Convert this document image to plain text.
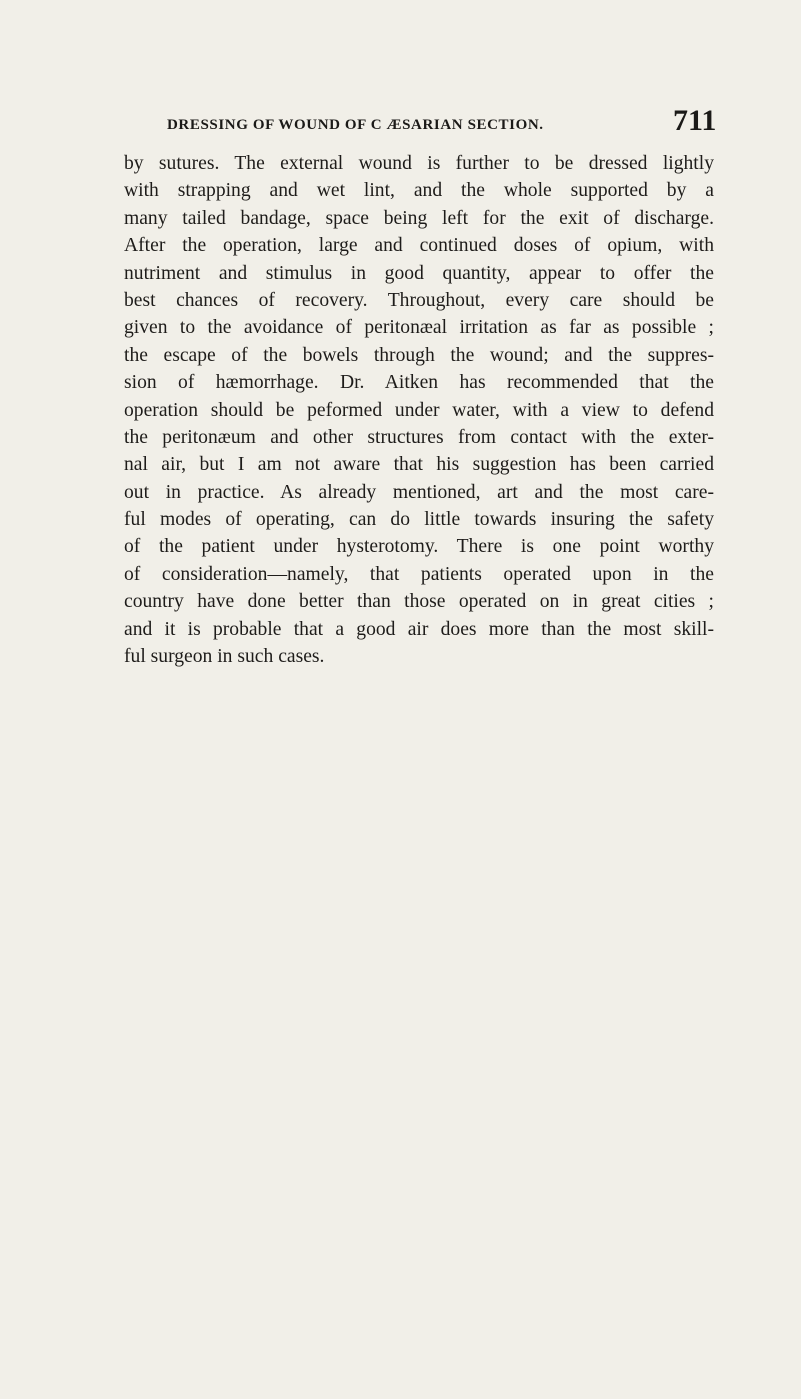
DRESSING OF WOUND OF C ÆSARIAN SECTION.	711
by sutures. The external wound is further to be dressed lightly
with strapping and wet lint, and the whole supported by a
many tailed bandage, space being left for the exit of discharge.
After the operation, large and continued doses of opium, with
nutriment and stimulus in good quantity, appear to offer the
best chances of recovery. Throughout, every care should be
given to the avoidance of peritonæal irritation as far as possible ;
the escape of the bowels through the wound; and the suppres-
sion of hæmorrhage. Dr. Aitken has recommended that the
operation should be peformed under water, with a view to defend
the peritonæum and other structures from contact with the exter-
nal air, but I am not aware that his suggestion has been carried
out in practice. As already mentioned, art and the most care-
ful modes of operating, can do little towards insuring the safety
of the patient under hysterotomy. There is one point worthy
of consideration—namely, that patients operated upon in the
country have done better than those operated on in great cities ;
and it is probable that a good air does more than the most skill-
ful surgeon in such cases.
